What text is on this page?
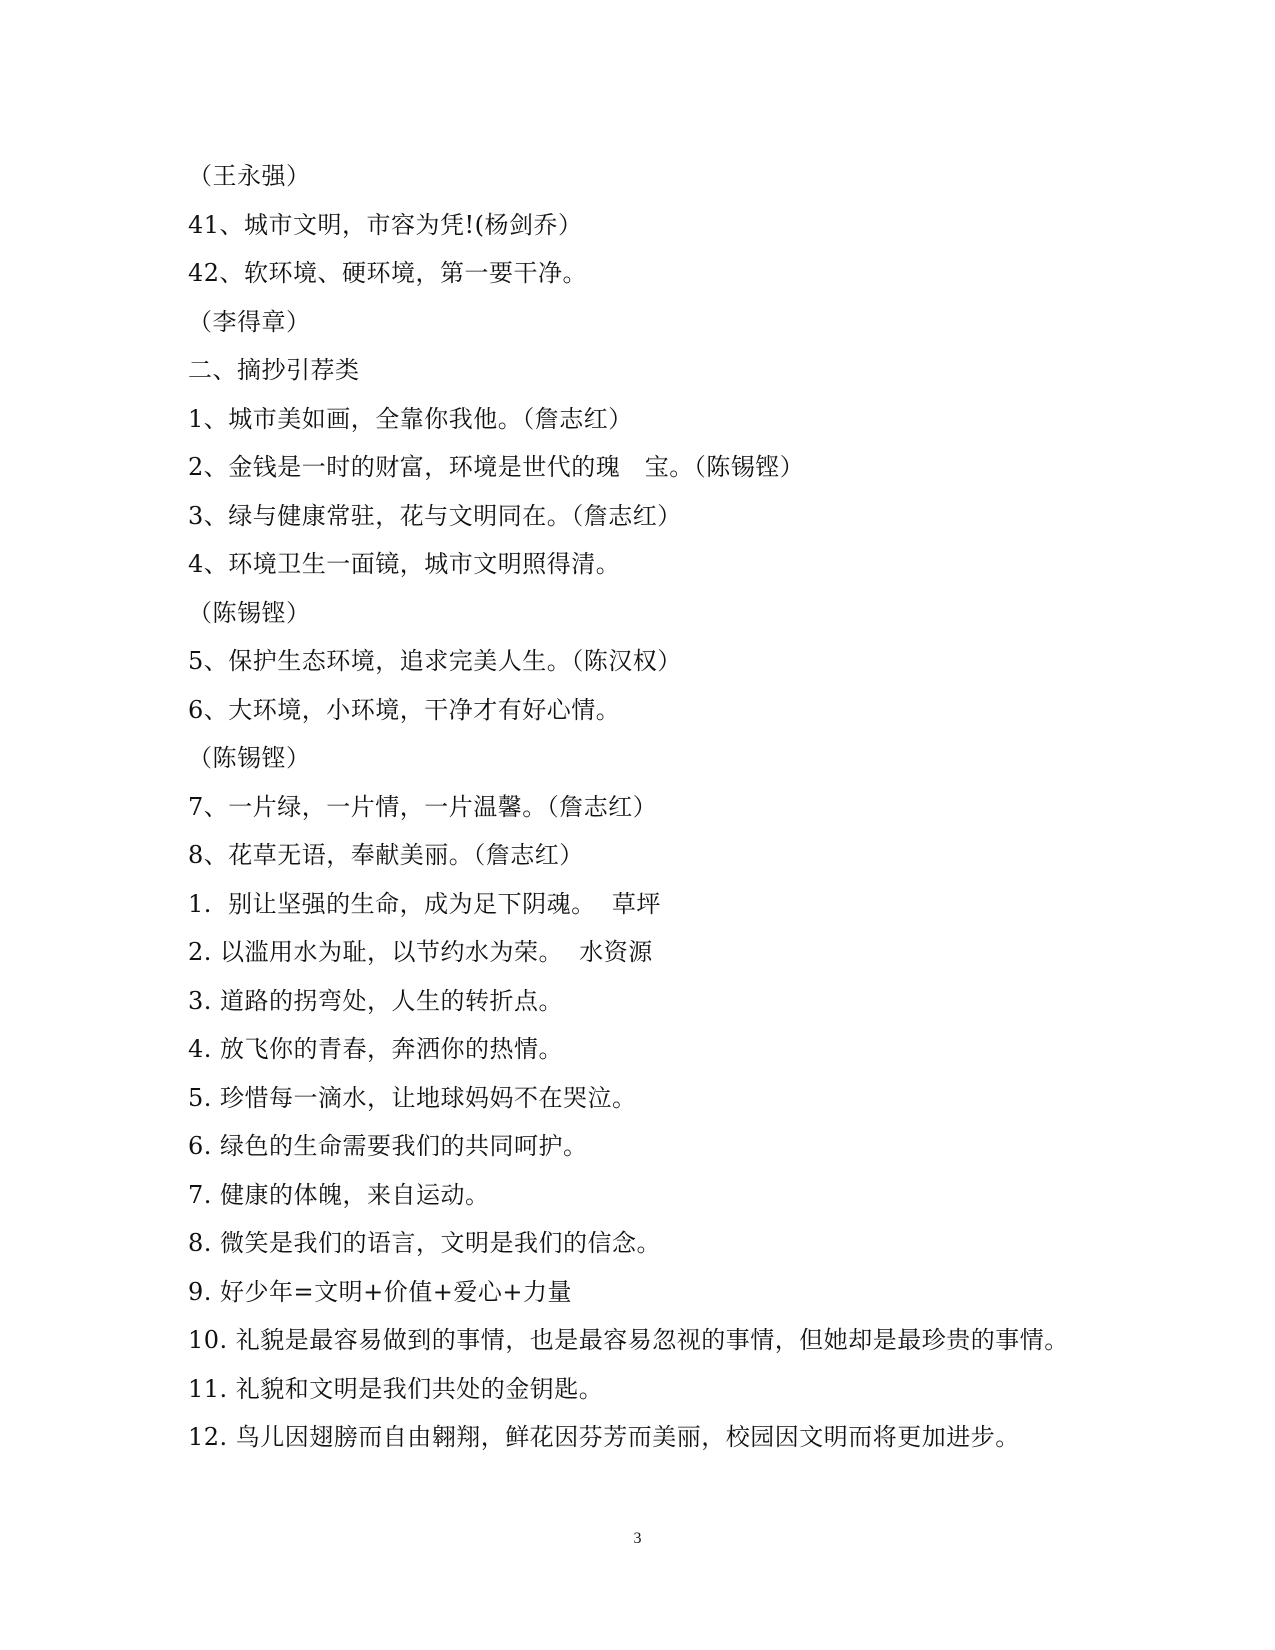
（王永强）
41、城市文明，市容为凭!(杨剑乔）
42、软环境、硬环境，第一要干净。
（李得章）
二、摘抄引荐类
1、城市美如画，全靠你我他。（詹志红）
2、金钱是一时的财富，环境是世代的瑰　宝。（陈锡铿）
3、绿与健康常驻，花与文明同在。（詹志红）
4、环境卫生一面镜，城市文明照得清。
（陈锡铿）
5、保护生态环境，追求完美人生。（陈汉权）
6、大环境，小环境，干净才有好心情。
（陈锡铿）
7、一片绿，一片情，一片温馨。（詹志红）
8、花草无语，奉献美丽。（詹志红）
1.  别让坚强的生命，成为足下阴魂。  草坪
2. 以滥用水为耻，以节约水为荣。  水资源
3. 道路的拐弯处，人生的转折点。
4. 放飞你的青春，奔洒你的热情。
5. 珍惜每一滴水，让地球妈妈不在哭泣。
6. 绿色的生命需要我们的共同呵护。
7. 健康的体魄，来自运动。
8. 微笑是我们的语言，文明是我们的信念。
9. 好少年=文明+价值+爱心+力量
10. 礼貌是最容易做到的事情，也是最容易忽视的事情，但她却是最珍贵的事情。
11. 礼貌和文明是我们共处的金钥匙。
12. 鸟儿因翅膀而自由翱翔，鲜花因芬芳而美丽，校园因文明而将更加进步。
3
